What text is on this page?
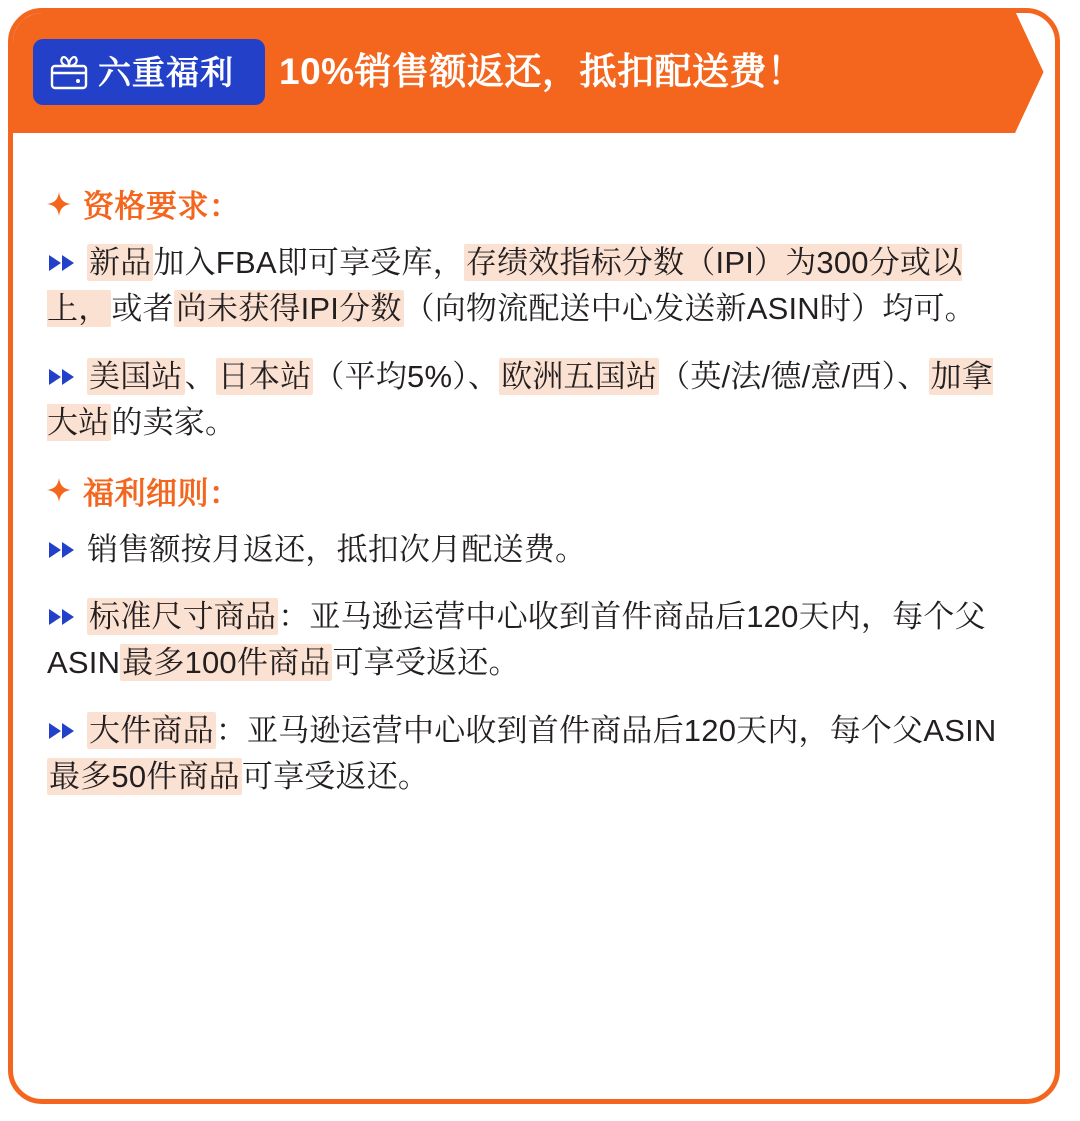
六重福利 10%销售额返还，抵扣配送费！
资格要求：
新品加入FBA即可享受库，存绩效指标分数（IPI）为300分或以上，或者尚未获得IPI分数（向物流配送中心发送新ASIN时）均可。
美国站、日本站（平均5%）、欧洲五国站（英/法/德/意/西）、加拿大站的卖家。
福利细则：
销售额按月返还，抵扣次月配送费。
标准尺寸商品：亚马逊运营中心收到首件商品后120天内，每个父ASIN最多100件商品可享受返还。
大件商品：亚马逊运营中心收到首件商品后120天内，每个父ASIN最多50件商品可享受返还。
